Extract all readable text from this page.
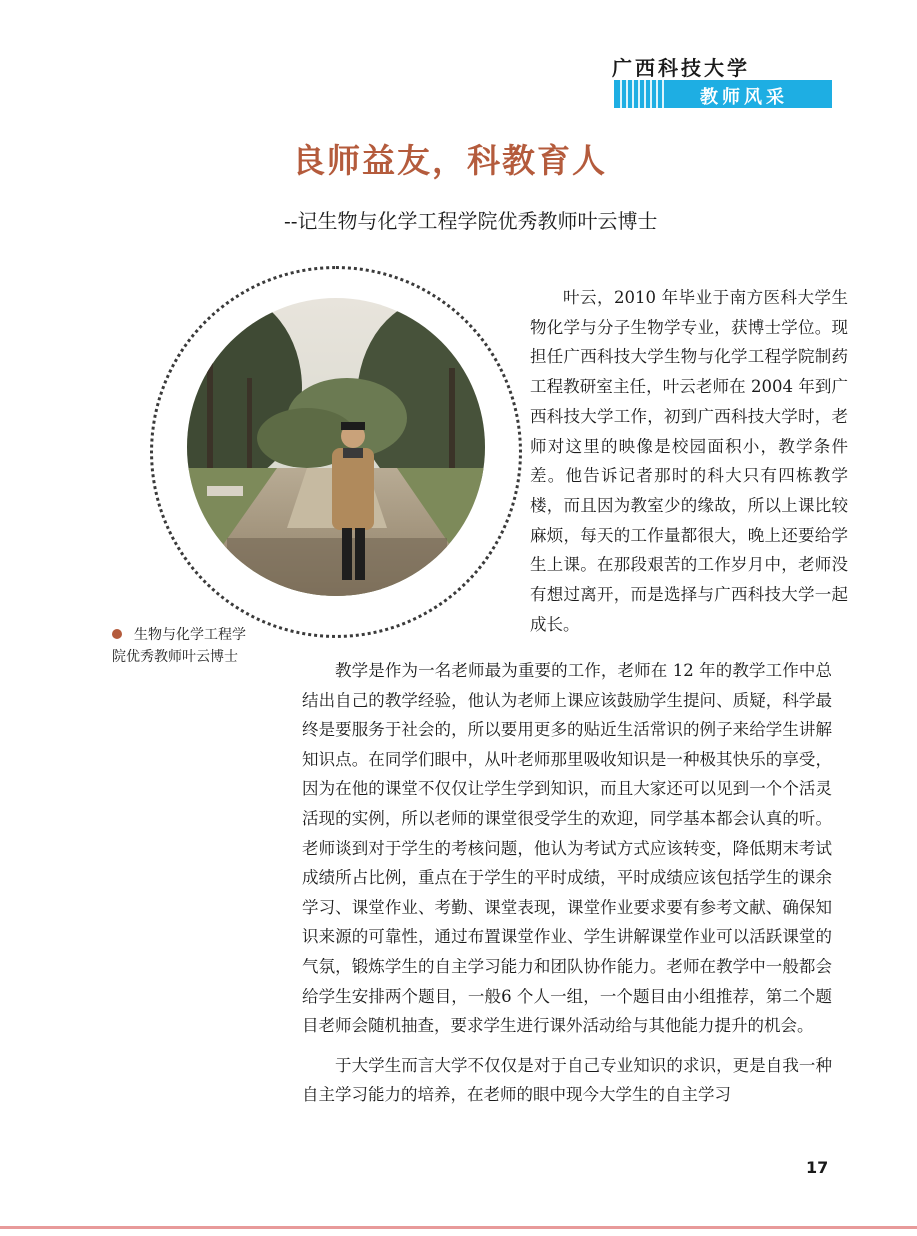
广西科技大学
教师风采
良师益友，科教育人
--记生物与化学工程学院优秀教师叶云博士
生物与化学工程学院优秀教师叶云博士

叶云，2010 年毕业于南方医科大学生物化学与分子生物学专业，获博士学位。现担任广西科技大学生物与化学工程学院制药工程教研室主任，叶云老师在 2004 年到广西科技大学工作，初到广西科技大学时，老师对这里的映像是校园面积小，教学条件差。他告诉记者那时的科大只有四栋教学楼，而且因为教室少的缘故，所以上课比较麻烦，每天的工作量都很大，晚上还要给学生上课。在那段艰苦的工作岁月中，老师没有想过离开，而是选择与广西科技大学一起成长。

教学是作为一名老师最为重要的工作，老师在 12 年的教学工作中总结出自己的教学经验，他认为老师上课应该鼓励学生提问、质疑，科学最终是要服务于社会的，所以要用更多的贴近生活常识的例子来给学生讲解知识点。在同学们眼中，从叶老师那里吸收知识是一种极其快乐的享受，因为在他的课堂不仅仅让学生学到知识，而且大家还可以见到一个个活灵活现的实例，所以老师的课堂很受学生的欢迎，同学基本都会认真的听。老师谈到对于学生的考核问题，他认为考试方式应该转变，降低期末考试成绩所占比例，重点在于学生的平时成绩，平时成绩应该包括学生的课余学习、课堂作业、考勤、课堂表现，课堂作业要求要有参考文献、确保知识来源的可靠性，通过布置课堂作业、学生讲解课堂作业可以活跃课堂的气氛，锻炼学生的自主学习能力和团队协作能力。老师在教学中一般都会给学生安排两个题目，一般6 个人一组，一个题目由小组推荐，第二个题目老师会随机抽查，要求学生进行课外活动给与其他能力提升的机会。

于大学生而言大学不仅仅是对于自己专业知识的求识，更是自我一种自主学习能力的培养，在老师的眼中现今大学生的自主学习

17
